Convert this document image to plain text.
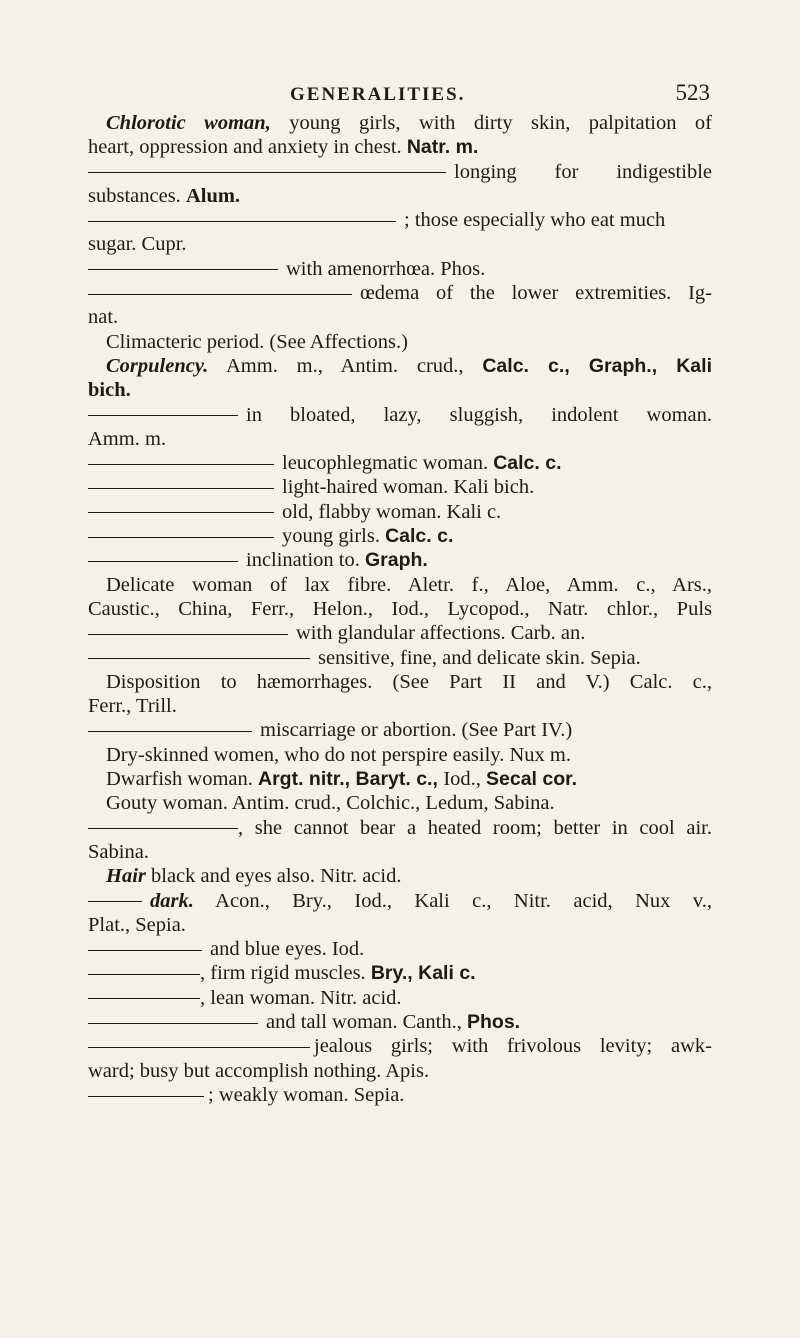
GENERALITIES.	523
Chlorotic woman, young girls, with dirty skin, palpitation of
heart, oppression and anxiety in chest. Natr. m.
longing for indigestible
substances. Alum.
; those especially who eat much
sugar. Cupr.
with amenorrhœa. Phos.
œdema of the lower extremities. Ig-
nat.
Climacteric period. (See Affections.)
Corpulency. Amm. m., Antim. crud., Calc. c., Graph., Kali
bich.
in bloated, lazy, sluggish, indolent woman.
Amm. m.
leucophlegmatic woman. Calc. c.
light-haired woman. Kali bich.
old, flabby woman. Kali c.
young girls. Calc. c.
inclination to. Graph.
Delicate woman of lax fibre. Aletr. f., Aloe, Amm. c., Ars.,
Caustic., China, Ferr., Helon., Iod., Lycopod., Natr. chlor., Puls
with glandular affections. Carb. an.
sensitive, fine, and delicate skin. Sepia.
Disposition to hæmorrhages. (See Part II and V.) Calc. c.,
Ferr., Trill.
miscarriage or abortion. (See Part IV.)
Dry-skinned women, who do not perspire easily. Nux m.
Dwarfish woman. Argt. nitr., Baryt. c., Iod., Secal cor.
Gouty woman. Antim. crud., Colchic., Ledum, Sabina.
, she cannot bear a heated room; better in cool air.
Sabina.
Hair black and eyes also. Nitr. acid.
dark. Acon., Bry., Iod., Kali c., Nitr. acid, Nux v.,
Plat., Sepia.
and blue eyes. Iod.
, firm rigid muscles. Bry., Kali c.
, lean woman. Nitr. acid.
and tall woman. Canth., Phos.
jealous girls; with frivolous levity; awk-
ward; busy but accomplish nothing. Apis.
; weakly woman. Sepia.
